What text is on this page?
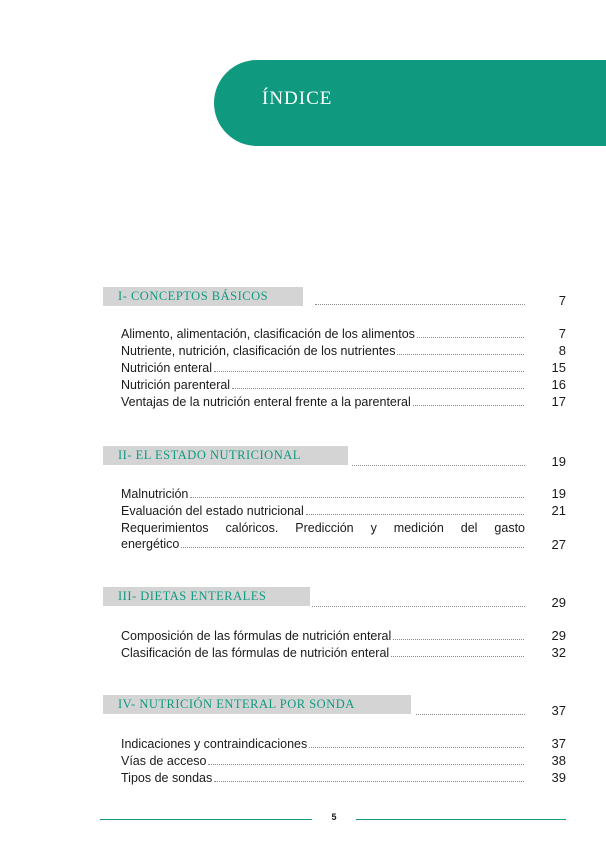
ÍNDICE
I- CONCEPTOS BÁSICOS	7
Alimento, alimentación, clasificación de los alimentos	7
Nutriente, nutrición, clasificación de los nutrientes	8
Nutrición enteral	15
Nutrición parenteral	16
Ventajas de la nutrición enteral frente a la parenteral	17
II- EL ESTADO NUTRICIONAL	19
Malnutrición	19
Evaluación del estado nutricional	21
Requerimientos calóricos. Predicción y medición del gasto
energético	27
III- DIETAS ENTERALES	29
Composición de las fórmulas de nutrición enteral	29
Clasificación de las fórmulas de nutrición enteral	32
IV- NUTRICIÓN ENTERAL POR SONDA	37
Indicaciones y contraindicaciones	37
Vías de acceso	38
Tipos de sondas	39
5
